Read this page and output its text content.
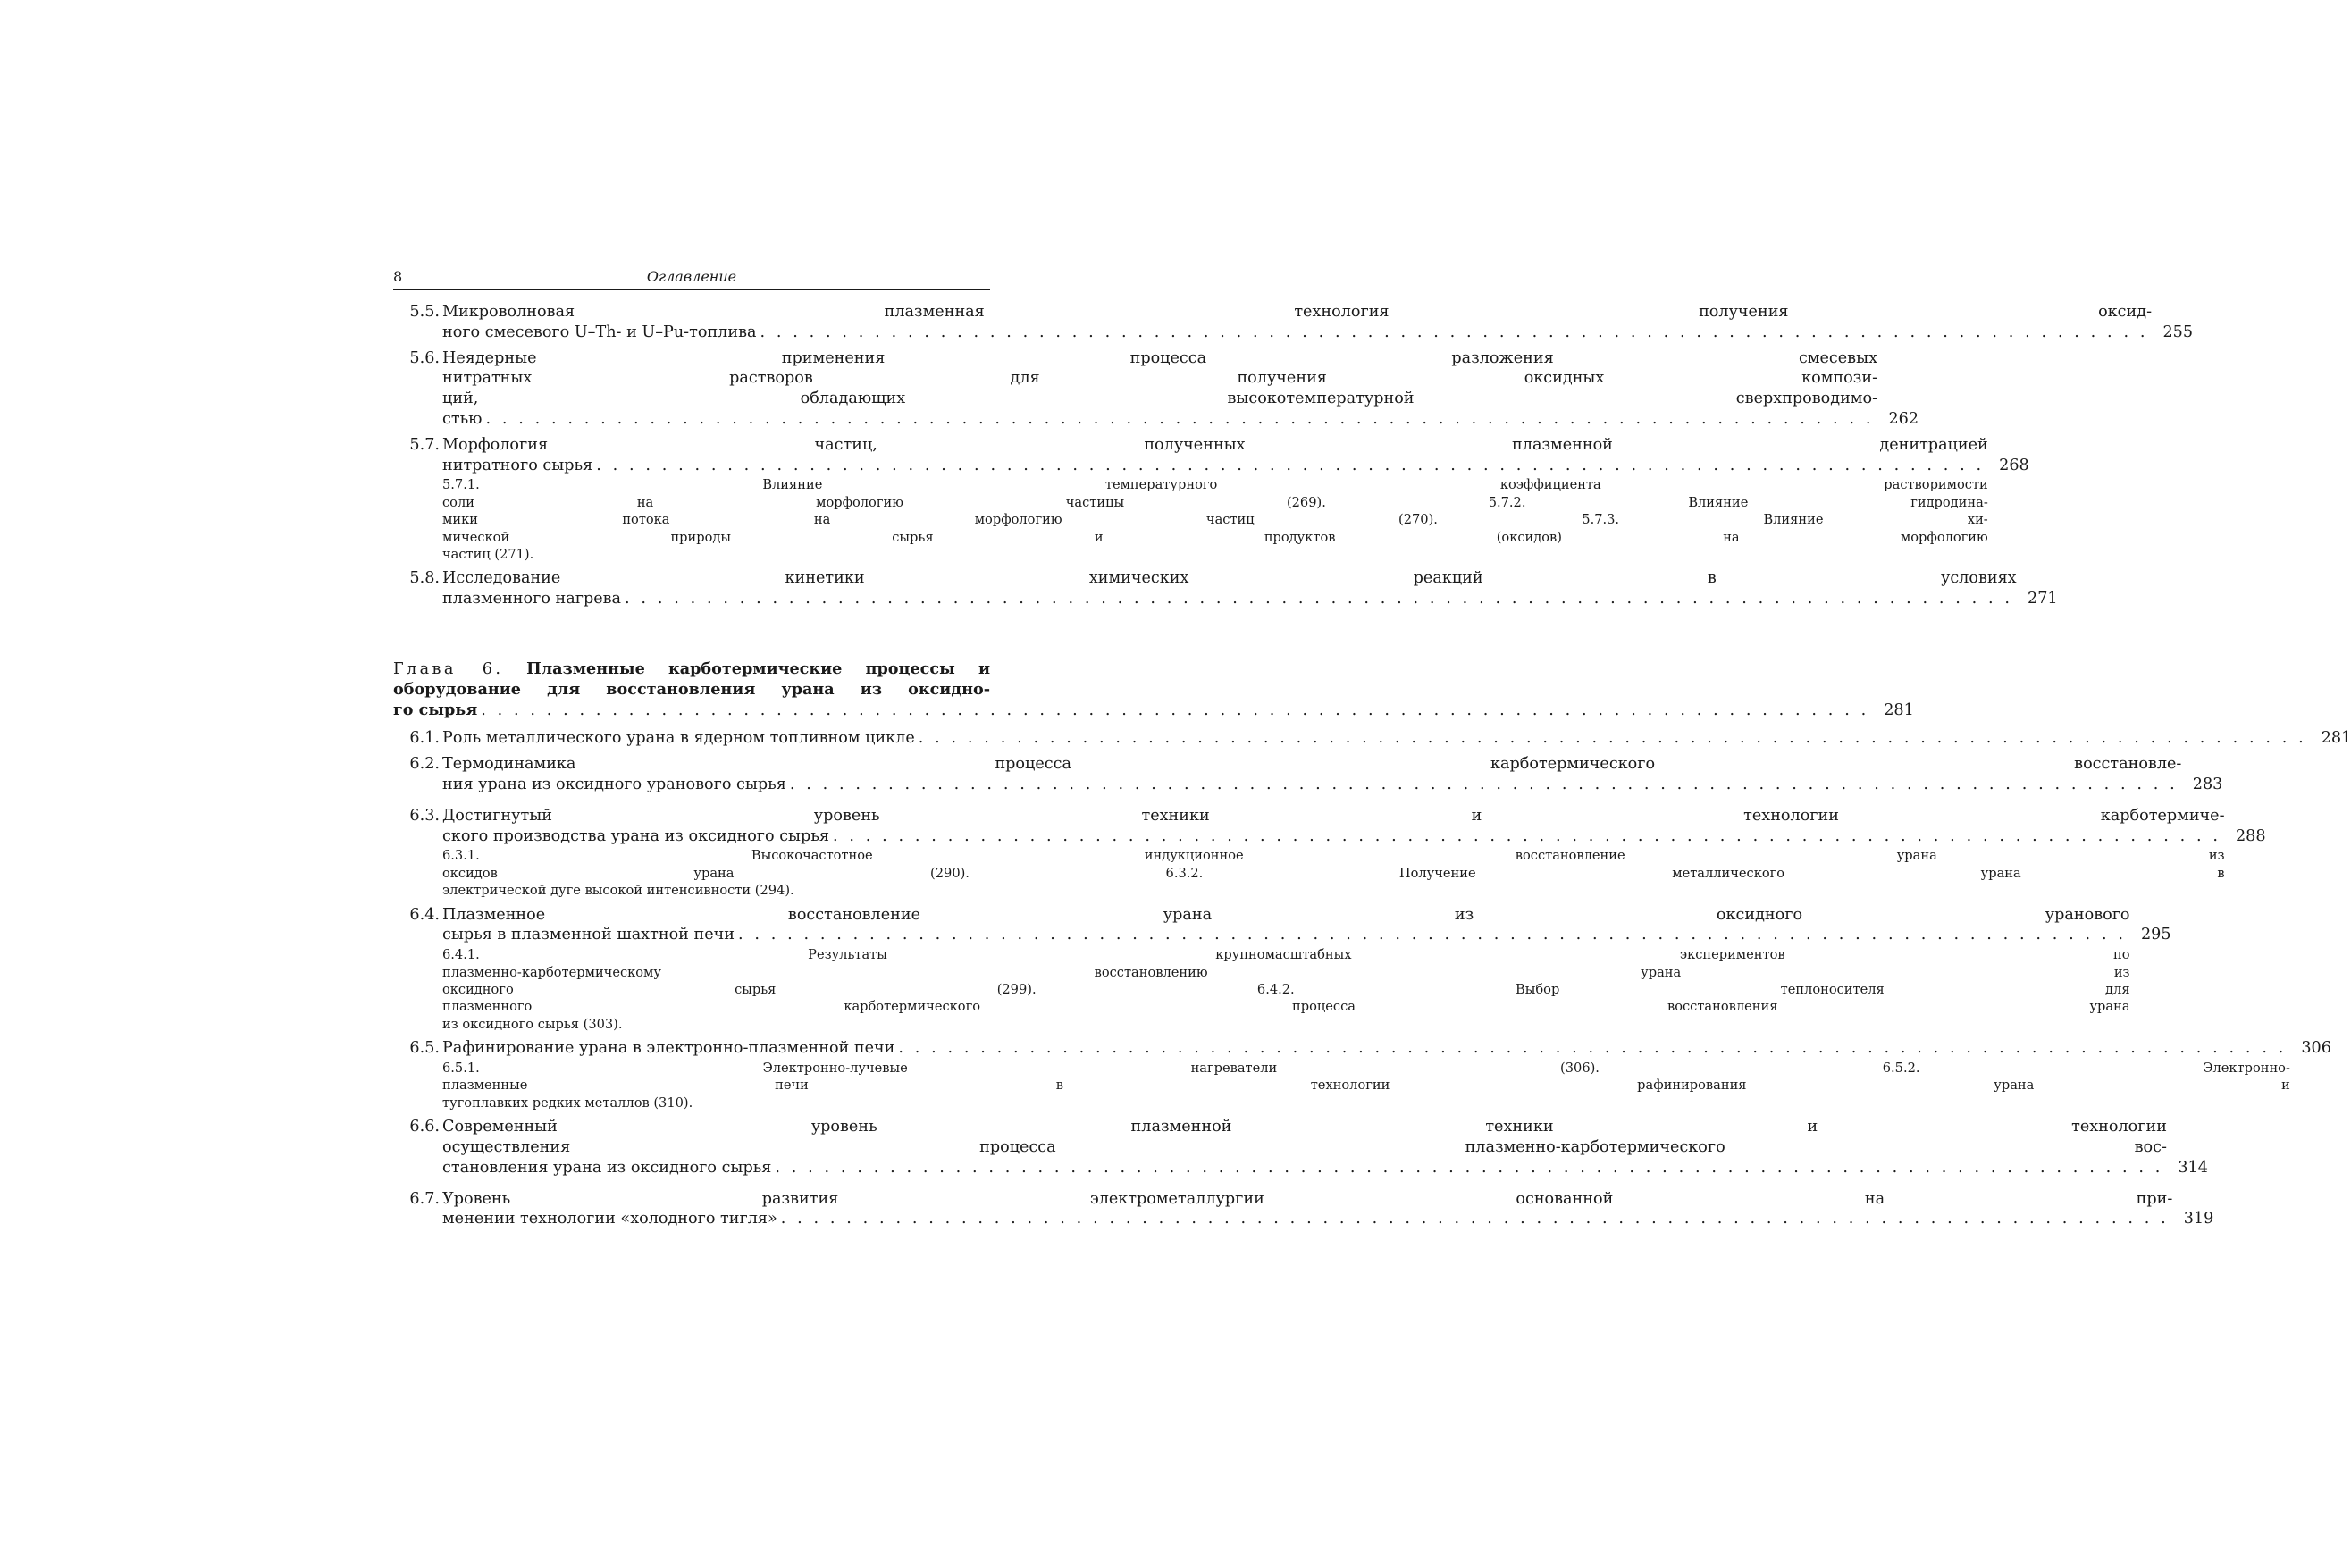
8	Оглавление
5.5. Микроволновая плазменная технология получения оксид-
ного смесевого U–Th- и U–Pu-топлива . . .	255
5.6. Неядерные применения процесса разложения смесевых
нитратных растворов для получения оксидных компози-
ций, обладающих высокотемпературной сверхпроводимо-
стью . . .	262
5.7. Морфология частиц, полученных плазменной денитрацией
нитратного сырья . . .	268
5.7.1. Влияние температурного коэффициента растворимости
соли на морфологию частицы (269). 5.7.2. Влияние гидродина-
мики потока на морфологию частиц (270). 5.7.3. Влияние хи-
мической природы сырья и продуктов (оксидов) на морфологию
частиц (271).
5.8. Исследование кинетики химических реакций в условиях
плазменного нагрева . . .	271
Глава 6. Плазменные карботермические процессы и
оборудование для восстановления урана из оксидно-
го сырья . . .	281
6.1. Роль металлического урана в ядерном топливном цикле . . .	281
6.2. Термодинамика процесса карботермического восстановле-
ния урана из оксидного уранового сырья . . .	283
6.3. Достигнутый уровень техники и технологии карботермиче-
ского производства урана из оксидного сырья . . .	288
6.3.1. Высокочастотное индукционное восстановление урана из
оксидов урана (290). 6.3.2. Получение металлического урана в
электрической дуге высокой интенсивности (294).
6.4. Плазменное восстановление урана из оксидного уранового
сырья в плазменной шахтной печи . . .	295
6.4.1. Результаты крупномасштабных экспериментов по
плазменно-карботермическому восстановлению урана из
оксидного сырья (299). 6.4.2. Выбор теплоносителя для
плазменного карботермического процесса восстановления урана
из оксидного сырья (303).
6.5. Рафинирование урана в электронно-плазменной печи . . .	306
6.5.1. Электронно-лучевые нагреватели (306). 6.5.2. Электронно-
плазменные печи в технологии рафинирования урана и
тугоплавких редких металлов (310).
6.6. Современный уровень плазменной техники и технологии
осуществления процесса плазменно-карботермического вос-
становления урана из оксидного сырья . . .	314
6.7. Уровень развития электрометаллургии основанной на при-
менении технологии «холодного тигля» . . .	319
